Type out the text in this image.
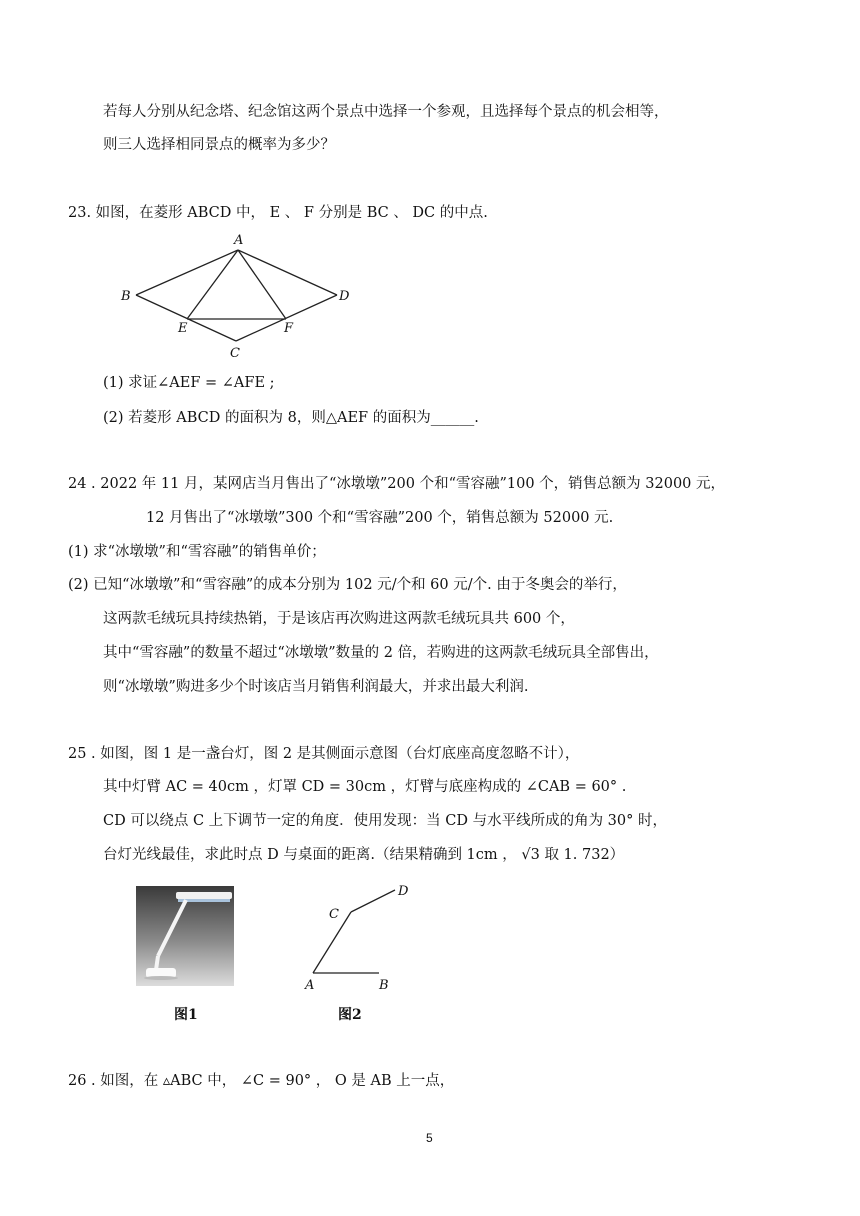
若每人分别从纪念塔、纪念馆这两个景点中选择一个参观，且选择每个景点的机会相等，
则三人选择相同景点的概率为多少？
23. 如图，在菱形 ABCD 中， E 、 F 分别是 BC 、 DC 的中点.
A
B	D
E	F
C
(1) 求证∠AEF = ∠AFE ;
(2) 若菱形 ABCD 的面积为 8，则△AEF 的面积为______.
24 . 2022 年 11 月，某网店当月售出了“冰墩墩”200 个和“雪容融”100 个，销售总额为 32000 元，
12 月售出了“冰墩墩”300 个和“雪容融”200 个，销售总额为 52000 元.
(1) 求“冰墩墩”和“雪容融”的销售单价；
(2) 已知“冰墩墩”和“雪容融”的成本分别为 102 元/个和 60 元/个. 由于冬奥会的举行，
这两款毛绒玩具持续热销，于是该店再次购进这两款毛绒玩具共 600 个，
其中“雪容融”的数量不超过“冰墩墩”数量的 2 倍，若购进的这两款毛绒玩具全部售出，
则“冰墩墩”购进多少个时该店当月销售利润最大，并求出最大利润.
25 . 如图，图 1 是一盏台灯，图 2 是其侧面示意图（台灯底座高度忽略不计），
其中灯臂 AC = 40cm ，灯罩 CD = 30cm ，灯臂与底座构成的 ∠CAB = 60° .
CD 可以绕点 C 上下调节一定的角度．使用发现：当 CD 与水平线所成的角为 30° 时，
台灯光线最佳，求此时点 D 与桌面的距离.（结果精确到 1cm ， √3 取 1. 732）
图1
A	B
C
D
图2
26 . 如图，在 ▵ABC 中， ∠C = 90° ， O 是 AB 上一点，
5
